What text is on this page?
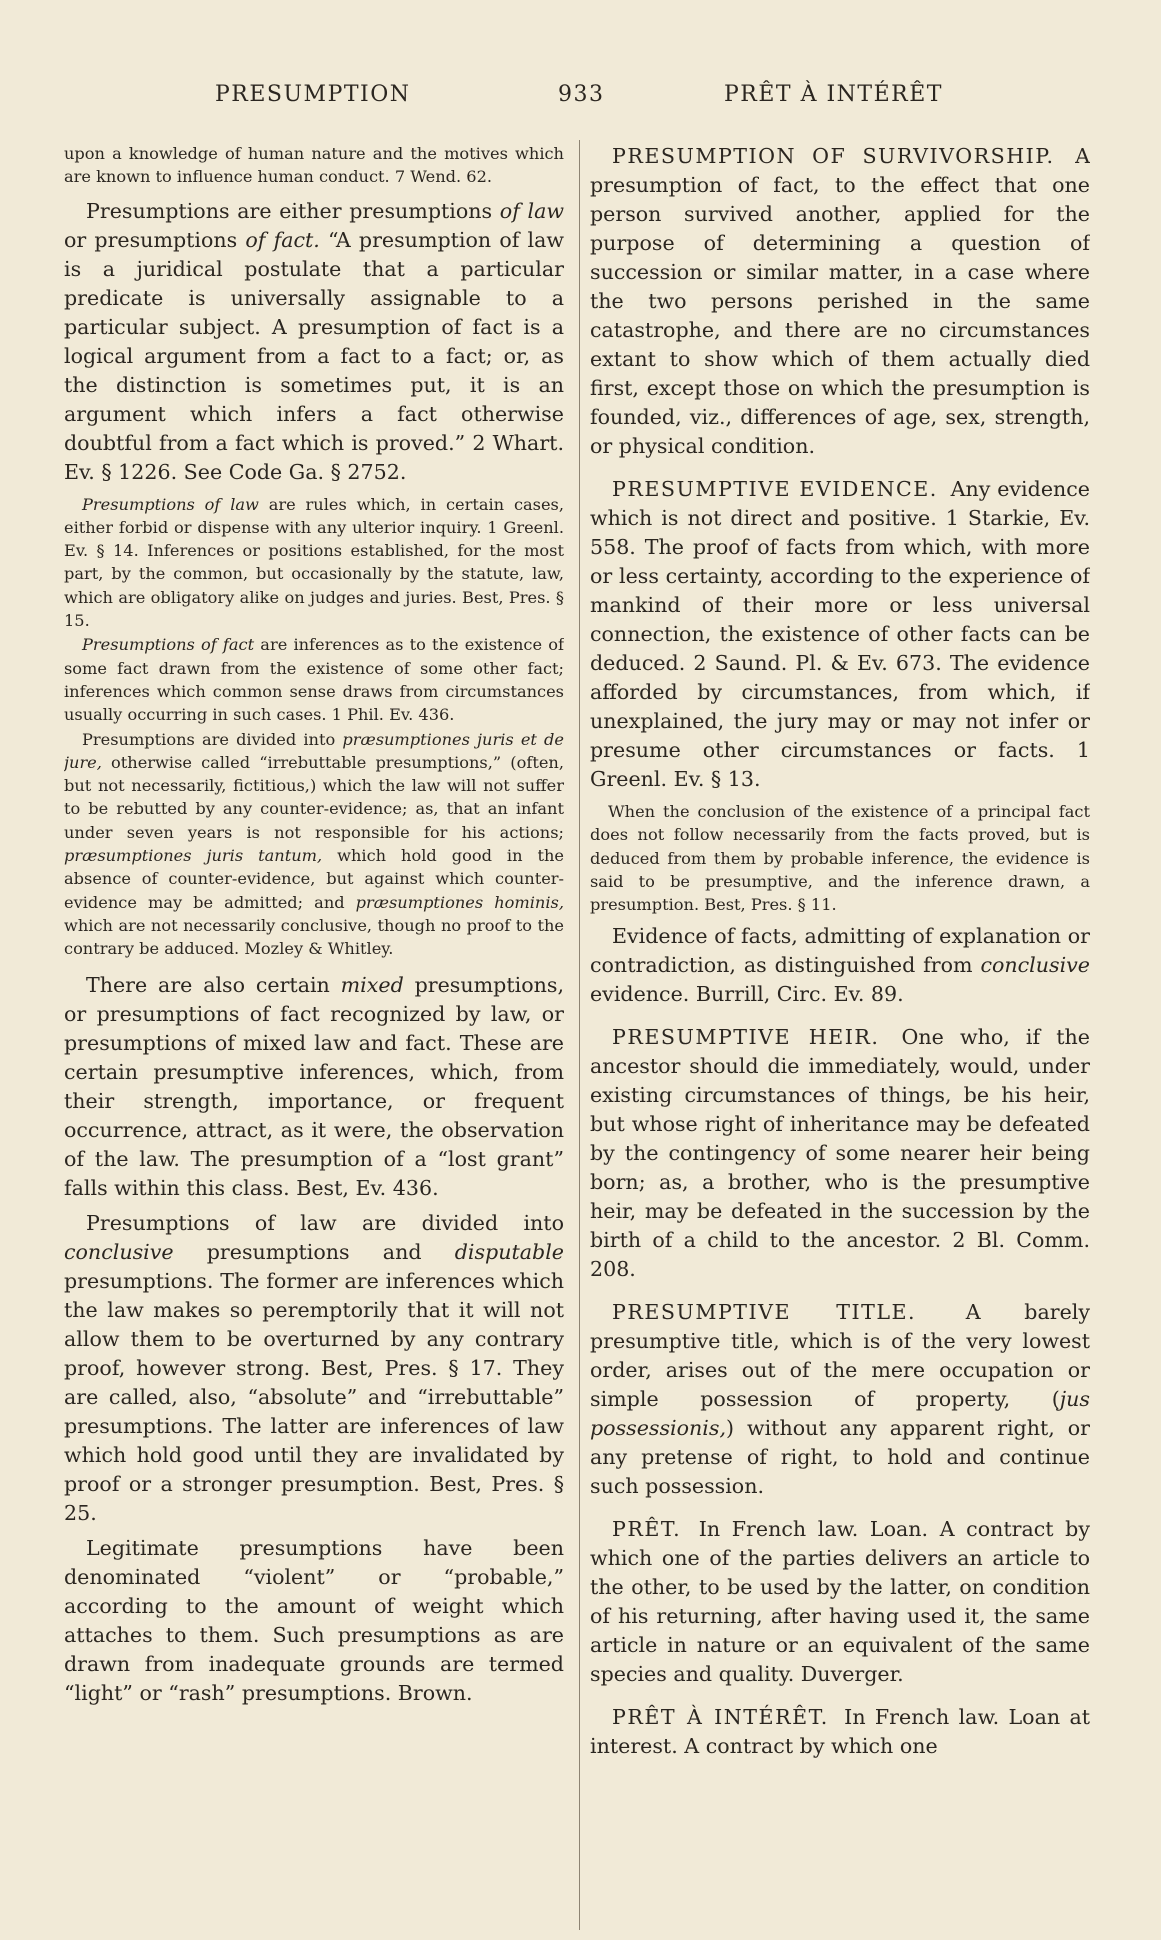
PRESUMPTION	933	PRÊT À INTÉRÊT

upon a knowledge of human nature and the motives which are known to influence human conduct. 7 Wend. 62.

Presumptions are either presumptions of law or presumptions of fact. “A presumption of law is a juridical postulate that a particular predicate is universally assignable to a particular subject. A presumption of fact is a logical argument from a fact to a fact; or, as the distinction is sometimes put, it is an argument which infers a fact otherwise doubtful from a fact which is proved.” 2 Whart. Ev. § 1226. See Code Ga. § 2752.

Presumptions of law are rules which, in certain cases, either forbid or dispense with any ulterior inquiry. 1 Greenl. Ev. § 14. Inferences or positions established, for the most part, by the common, but occasionally by the statute, law, which are obligatory alike on judges and juries. Best, Pres. § 15.

Presumptions of fact are inferences as to the existence of some fact drawn from the existence of some other fact; inferences which common sense draws from circumstances usually occurring in such cases. 1 Phil. Ev. 436.

Presumptions are divided into præsumptiones juris et de jure, otherwise called “irrebuttable presumptions,” (often, but not necessarily, fictitious,) which the law will not suffer to be rebutted by any counter-evidence; as, that an infant under seven years is not responsible for his actions; præsumptiones juris tantum, which hold good in the absence of counter-evidence, but against which counter-evidence may be admitted; and præsumptiones hominis, which are not necessarily conclusive, though no proof to the contrary be adduced. Mozley & Whitley.

There are also certain mixed presumptions, or presumptions of fact recognized by law, or presumptions of mixed law and fact. These are certain presumptive inferences, which, from their strength, importance, or frequent occurrence, attract, as it were, the observation of the law. The presumption of a “lost grant” falls within this class. Best, Ev. 436.

Presumptions of law are divided into conclusive presumptions and disputable presumptions. The former are inferences which the law makes so peremptorily that it will not allow them to be overturned by any contrary proof, however strong. Best, Pres. § 17. They are called, also, “absolute” and “irrebuttable” presumptions. The latter are inferences of law which hold good until they are invalidated by proof or a stronger presumption. Best, Pres. § 25.

Legitimate presumptions have been denominated “violent” or “probable,” according to the amount of weight which attaches to them. Such presumptions as are drawn from inadequate grounds are termed “light” or “rash” presumptions. Brown.

PRESUMPTION OF SURVIVORSHIP. A presumption of fact, to the effect that one person survived another, applied for the purpose of determining a question of succession or similar matter, in a case where the two persons perished in the same catastrophe, and there are no circumstances extant to show which of them actually died first, except those on which the presumption is founded, viz., differences of age, sex, strength, or physical condition.

PRESUMPTIVE EVIDENCE. Any evidence which is not direct and positive. 1 Starkie, Ev. 558. The proof of facts from which, with more or less certainty, according to the experience of mankind of their more or less universal connection, the existence of other facts can be deduced. 2 Saund. Pl. & Ev. 673. The evidence afforded by circumstances, from which, if unexplained, the jury may or may not infer or presume other circumstances or facts. 1 Greenl. Ev. § 13.

When the conclusion of the existence of a principal fact does not follow necessarily from the facts proved, but is deduced from them by probable inference, the evidence is said to be presumptive, and the inference drawn, a presumption. Best, Pres. § 11.

Evidence of facts, admitting of explanation or contradiction, as distinguished from conclusive evidence. Burrill, Circ. Ev. 89.

PRESUMPTIVE HEIR. One who, if the ancestor should die immediately, would, under existing circumstances of things, be his heir, but whose right of inheritance may be defeated by the contingency of some nearer heir being born; as, a brother, who is the presumptive heir, may be defeated in the succession by the birth of a child to the ancestor. 2 Bl. Comm. 208.

PRESUMPTIVE TITLE. A barely presumptive title, which is of the very lowest order, arises out of the mere occupation or simple possession of property, (jus possessionis,) without any apparent right, or any pretense of right, to hold and continue such possession.

PRÊT. In French law. Loan. A contract by which one of the parties delivers an article to the other, to be used by the latter, on condition of his returning, after having used it, the same article in nature or an equivalent of the same species and quality. Duverger.

PRÊT À INTÉRÊT. In French law. Loan at interest. A contract by which one
